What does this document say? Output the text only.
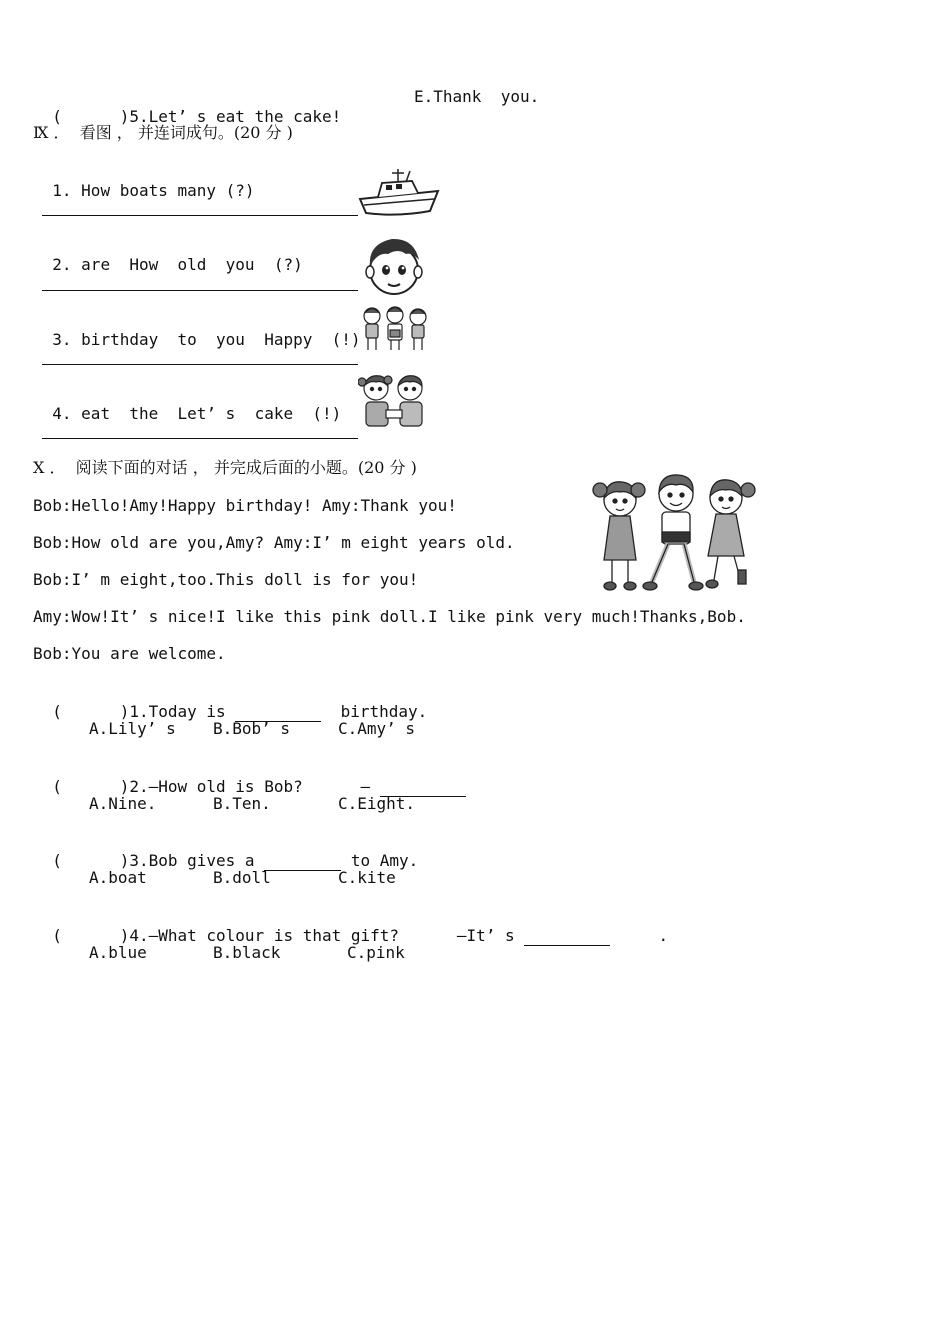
(	)5.Let’ s eat the cake!

E.Thank  you.
Ⅸ ．  看图 ， 并连词成句。(20 分 )

1. How boats many (?)

2. are  How  old  you  (?)

3. birthday  to  you  Happy  (!)

4. eat  the  Let’ s  cake  (!)

Ⅹ ．  阅读下面的对话 ， 并完成后面的小题。(20 分 )
Bob:Hello!Amy!Happy birthday! Amy:Thank you!
Bob:How old are you,Amy? Amy:I’ m eight years old.
Bob:I’ m eight,too.This doll is for you!
Amy:Wow!It’ s nice!I like this pink doll.I like pink very much!Thanks,Bob.
Bob:You are welcome.

(      )1.Today is	birthday.

A.Lily’ s B.Bob’ s	C.Amy’ s

(      )2.—How old is Bob?      —

A.Nine.	B.Ten.	C.Eight.

(      )3.Bob gives a	to Amy.

A.boat	B.doll	C.kite

(      )4.—What colour is that gift?      —It’ s	.

A.blue	B.black	C.pink
